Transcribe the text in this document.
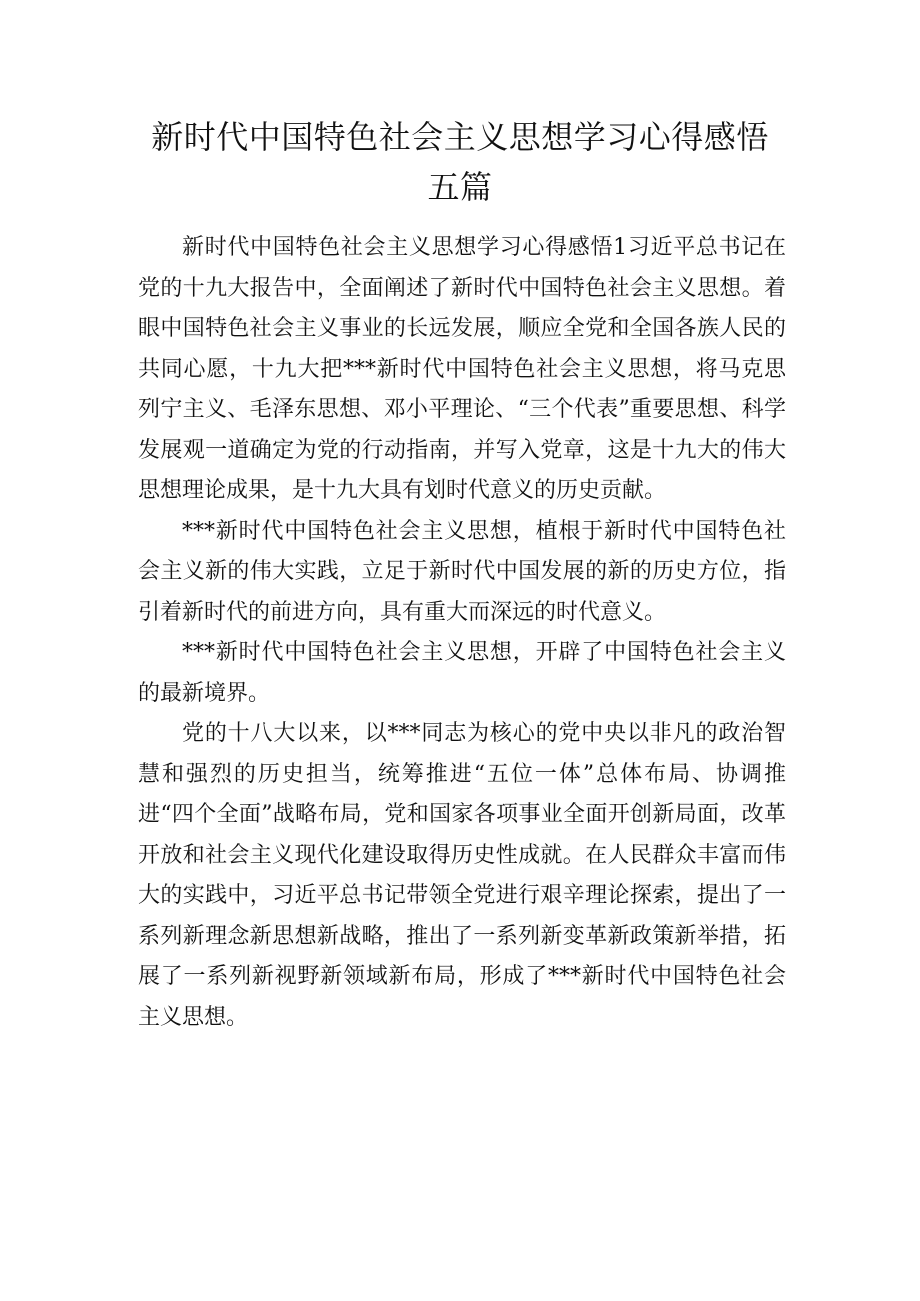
新时代中国特色社会主义思想学习心得感悟五篇

新时代中国特色社会主义思想学习心得感悟1习近平总书记在党的十九大报告中，全面阐述了新时代中国特色社会主义思想。着眼中国特色社会主义事业的长远发展，顺应全党和全国各族人民的共同心愿，十九大把***新时代中国特色社会主义思想，将马克思列宁主义、毛泽东思想、邓小平理论、“三个代表”重要思想、科学发展观一道确定为党的行动指南，并写入党章，这是十九大的伟大思想理论成果，是十九大具有划时代意义的历史贡献。

***新时代中国特色社会主义思想，植根于新时代中国特色社会主义新的伟大实践，立足于新时代中国发展的新的历史方位，指引着新时代的前进方向，具有重大而深远的时代意义。

***新时代中国特色社会主义思想，开辟了中国特色社会主义的最新境界。

党的十八大以来，以***同志为核心的党中央以非凡的政治智慧和强烈的历史担当，统筹推进“五位一体”总体布局、协调推进“四个全面”战略布局，党和国家各项事业全面开创新局面，改革开放和社会主义现代化建设取得历史性成就。在人民群众丰富而伟大的实践中，习近平总书记带领全党进行艰辛理论探索，提出了一系列新理念新思想新战略，推出了一系列新变革新政策新举措，拓展了一系列新视野新领域新布局，形成了***新时代中国特色社会主义思想。
